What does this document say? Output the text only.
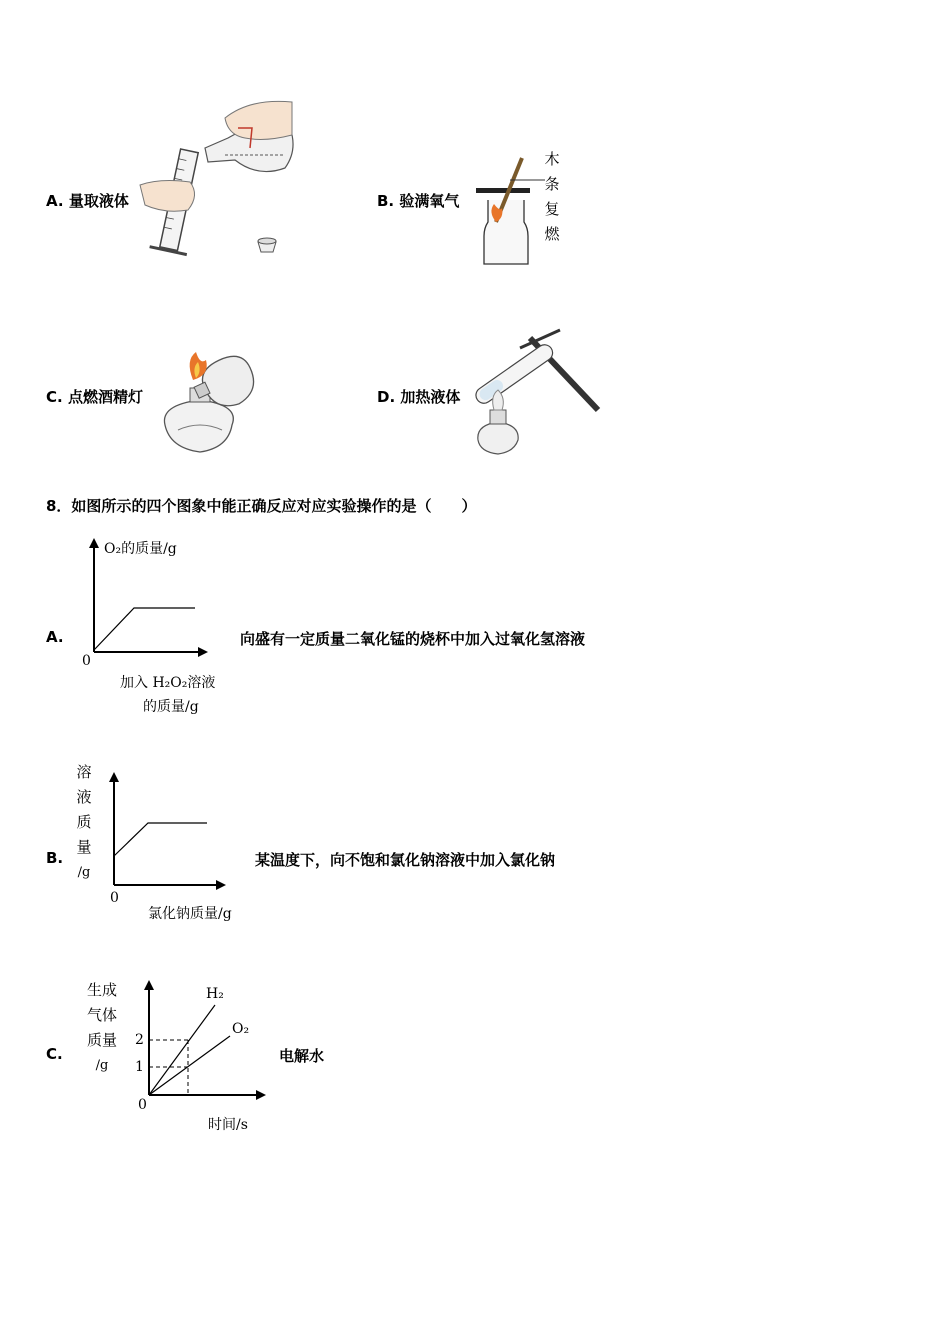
A. 量取液体	B. 验满氧气
C. 点燃酒精灯	D. 加热液体
木
条
复
燃
8．如图所示的四个图象中能正确反应对应实验操作的是（　　）
O₂的质量/g
0
加入 H₂O₂溶液
的质量/g
A.	向盛有一定质量二氧化锰的烧杯中加入过氧化氢溶液
溶
液
质
量
/g
0
氯化钠质量/g
B.	某温度下，向不饱和氯化钠溶液中加入氯化钠
生成
气体
质量
/g
2
1
0
H₂
O₂
时间/s
C.	电解水
